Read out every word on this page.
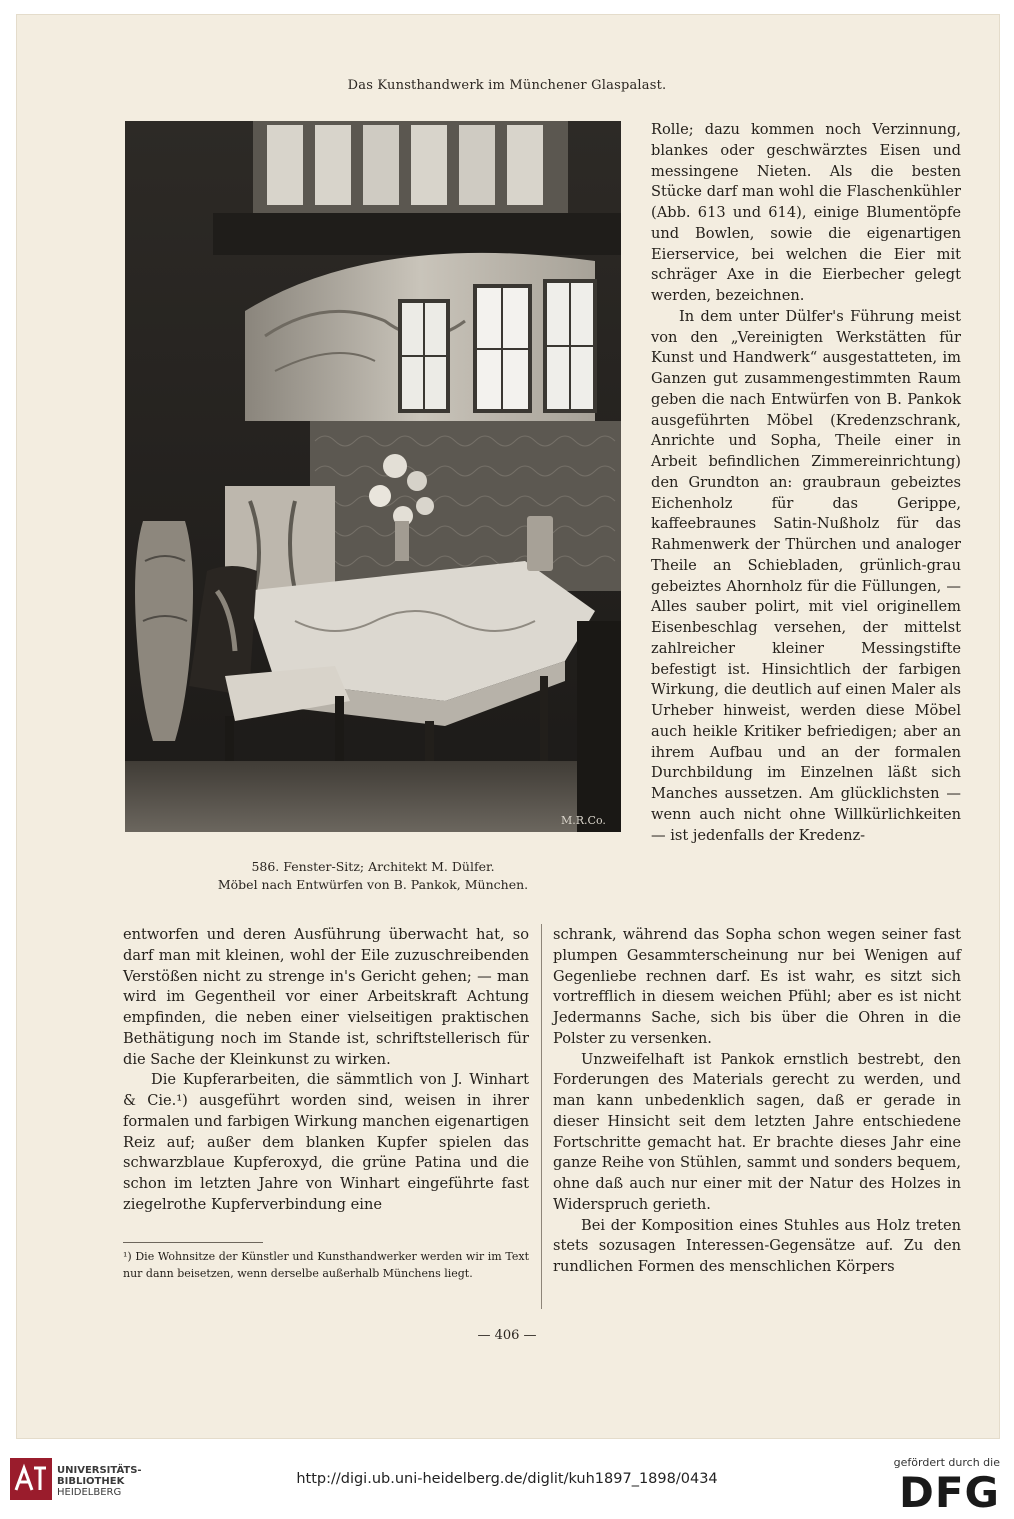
Das Kunsthandwerk im Münchener Glaspalast.
M.R.Co.
586. Fenster-Sitz; Architekt M. Dülfer.
Möbel nach Entwürfen von B. Pankok, München.

Rolle; dazu kommen noch Verzinnung, blankes oder geschwärztes Eisen und messingene Nieten. Als die besten Stücke darf man wohl die Flaschenkühler (Abb. 613 und 614), einige Blumentöpfe und Bowlen, sowie die eigenartigen Eierservice, bei welchen die Eier mit schräger Axe in die Eierbecher gelegt werden, bezeichnen.

In dem unter Dülfer's Führung meist von den „Vereinigten Werkstätten für Kunst und Handwerk“ ausgestatteten, im Ganzen gut zusammengestimmten Raum geben die nach Entwürfen von B. Pankok ausgeführten Möbel (Kredenzschrank, Anrichte und Sopha, Theile einer in Arbeit befindlichen Zimmereinrichtung) den Grundton an: graubraun gebeiztes Eichenholz für das Gerippe, kaffeebraunes Satin-Nußholz für das Rahmenwerk der Thürchen und analoger Theile an Schiebladen, grünlich-grau gebeiztes Ahornholz für die Füllungen, — Alles sauber polirt, mit viel originellem Eisenbeschlag versehen, der mittelst zahlreicher kleiner Messingstifte befestigt ist. Hinsichtlich der farbigen Wirkung, die deutlich auf einen Maler als Urheber hinweist, werden diese Möbel auch heikle Kritiker befriedigen; aber an ihrem Aufbau und an der formalen Durchbildung im Einzelnen läßt sich Manches aussetzen. Am glücklichsten — wenn auch nicht ohne Willkürlichkeiten — ist jedenfalls der Kredenz-

entworfen und deren Ausführung überwacht hat, so darf man mit kleinen, wohl der Eile zuzuschreibenden Verstößen nicht zu strenge in's Gericht gehen; — man wird im Gegentheil vor einer Arbeitskraft Achtung empfinden, die neben einer vielseitigen praktischen Bethätigung noch im Stande ist, schriftstellerisch für die Sache der Kleinkunst zu wirken.

Die Kupferarbeiten, die sämmtlich von J. Winhart & Cie.¹) ausgeführt worden sind, weisen in ihrer formalen und farbigen Wirkung manchen eigenartigen Reiz auf; außer dem blanken Kupfer spielen das schwarzblaue Kupferoxyd, die grüne Patina und die schon im letzten Jahre von Winhart eingeführte fast ziegelrothe Kupferverbindung eine

schrank, während das Sopha schon wegen seiner fast plumpen Gesammterscheinung nur bei Wenigen auf Gegenliebe rechnen darf. Es ist wahr, es sitzt sich vortrefflich in diesem weichen Pfühl; aber es ist nicht Jedermanns Sache, sich bis über die Ohren in die Polster zu versenken.

Unzweifelhaft ist Pankok ernstlich bestrebt, den Forderungen des Materials gerecht zu werden, und man kann unbedenklich sagen, daß er gerade in dieser Hinsicht seit dem letzten Jahre entschiedene Fortschritte gemacht hat. Er brachte dieses Jahr eine ganze Reihe von Stühlen, sammt und sonders bequem, ohne daß auch nur einer mit der Natur des Holzes in Widerspruch gerieth.

Bei der Komposition eines Stuhles aus Holz treten stets sozusagen Interessen-Gegensätze auf. Zu den rundlichen Formen des menschlichen Körpers

¹) Die Wohnsitze der Künstler und Kunsthandwerker werden wir im Text nur dann beisetzen, wenn derselbe außerhalb Münchens liegt.
— 406 —
UNIVERSITÄTS-
BIBLIOTHEK
HEIDELBERG
http://digi.ub.uni-heidelberg.de/diglit/kuh1897_1898/0434
gefördert durch die
DFG
